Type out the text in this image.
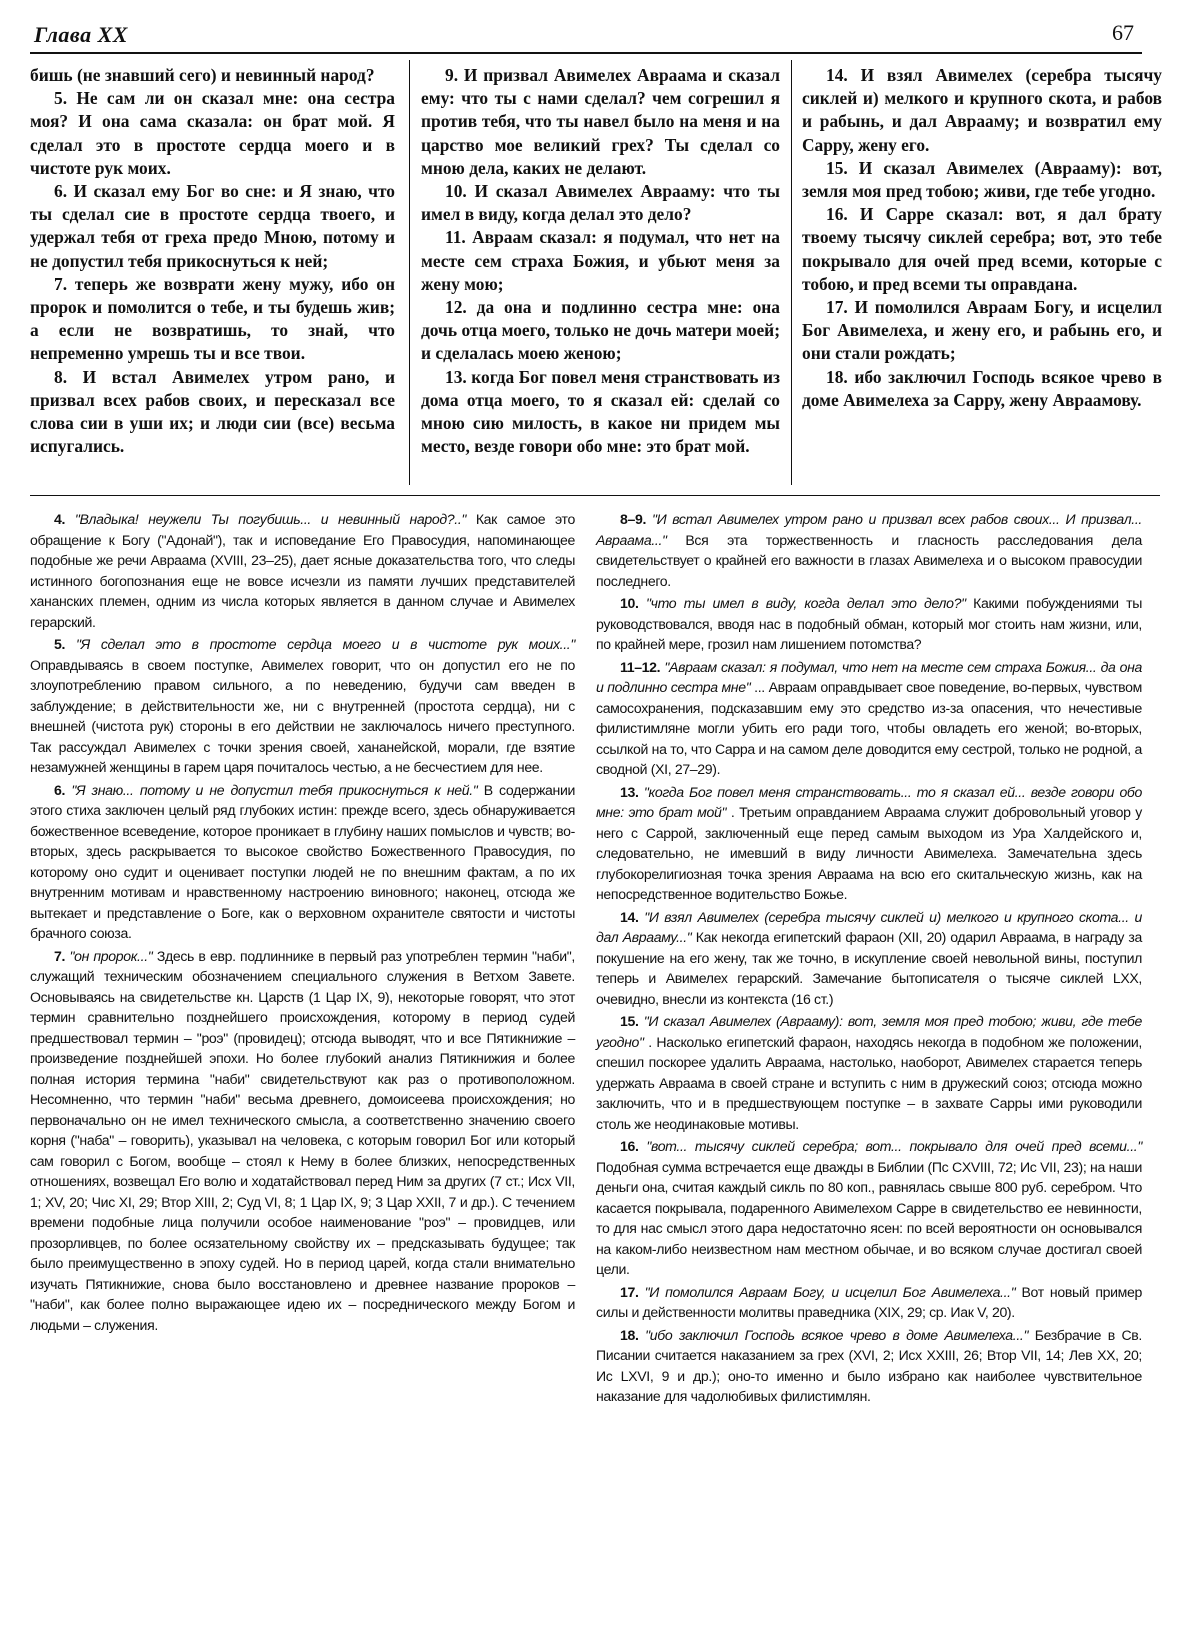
Глава XX	67

бишь (не знавший сего) и невинный народ?

5. Не сам ли он сказал мне: она сестра моя? И она сама сказала: он брат мой. Я сделал это в простоте сердца моего и в чистоте рук моих.

6. И сказал ему Бог во сне: и Я знаю, что ты сделал сие в простоте сердца твоего, и удержал тебя от греха предо Мною, потому и не допустил тебя прикоснуться к ней;

7. теперь же возврати жену мужу, ибо он пророк и помолится о тебе, и ты будешь жив; а если не возвратишь, то знай, что непременно умрешь ты и все твои.

8. И встал Авимелех утром рано, и призвал всех рабов своих, и пересказал все слова сии в уши их; и люди сии (все) весьма испугались.

9. И призвал Авимелех Авраама и сказал ему: что ты с нами сделал? чем согрешил я против тебя, что ты навел было на меня и на царство мое великий грех? Ты сделал со мною дела, каких не делают.

10. И сказал Авимелех Аврааму: что ты имел в виду, когда делал это дело?

11. Авраам сказал: я подумал, что нет на месте сем страха Божия, и убьют меня за жену мою;

12. да она и подлинно сестра мне: она дочь отца моего, только не дочь матери моей; и сделалась моею женою;

13. когда Бог повел меня странствовать из дома отца моего, то я сказал ей: сделай со мною сию милость, в какое ни придем мы место, везде говори обо мне: это брат мой.

14. И взял Авимелех (серебра тысячу сиклей и) мелкого и крупного скота, и рабов и рабынь, и дал Аврааму; и возвратил ему Сарру, жену его.

15. И сказал Авимелех (Аврааму): вот, земля моя пред тобою; живи, где тебе угодно.

16. И Сарре сказал: вот, я дал брату твоему тысячу сиклей серебра; вот, это тебе покрывало для очей пред всеми, которые с тобою, и пред всеми ты оправдана.

17. И помолился Авраам Богу, и исцелил Бог Авимелеха, и жену его, и рабынь его, и они стали рождать;

18. ибо заключил Господь всякое чрево в доме Авимелеха за Сарру, жену Авраамову.

4. "Владыка! неужели Ты погубишь... и невинный народ?.." Как самое это обращение к Богу ("Адонай"), так и исповедание Его Правосудия, напоминающее подобные же речи Авраама (XVIII, 23–25), дает ясные доказательства того, что следы истинного богопознания еще не вовсе исчезли из памяти лучших представителей хананских племен, одним из числа которых является в данном случае и Авимелех герарский.

5. "Я сделал это в простоте сердца моего и в чистоте рук моих..." Оправдываясь в своем поступке, Авимелех говорит, что он допустил его не по злоупотреблению правом сильного, а по неведению, будучи сам введен в заблуждение; в действительности же, ни с внутренней (простота сердца), ни с внешней (чистота рук) стороны в его действии не заключалось ничего преступного. Так рассуждал Авимелех с точки зрения своей, хананейской, морали, где взятие незамужней женщины в гарем царя почиталось честью, а не бесчестием для нее.

6. "Я знаю... потому и не допустил тебя прикоснуться к ней." В содержании этого стиха заключен целый ряд глубоких истин: прежде всего, здесь обнаруживается божественное всеведение, которое проникает в глубину наших помыслов и чувств; во-вторых, здесь раскрывается то высокое свойство Божественного Правосудия, по которому оно судит и оценивает поступки людей не по внешним фактам, а по их внутренним мотивам и нравственному настроению виновного; наконец, отсюда же вытекает и представление о Боге, как о верховном охранителе святости и чистоты брачного союза.

7. "он пророк..." Здесь в евр. подлиннике в первый раз употреблен термин "наби", служащий техническим обозначением специального служения в Ветхом Завете. Основываясь на свидетельстве кн. Царств (1 Цар IX, 9), некоторые говорят, что этот термин сравнительно позднейшего происхождения, которому в период судей предшествовал термин – "роэ" (провидец); отсюда выводят, что и все Пятикнижие – произведение позднейшей эпохи. Но более глубокий анализ Пятикнижия и более полная история термина "наби" свидетельствуют как раз о противоположном. Несомненно, что термин "наби" весьма древнего, домоисеева происхождения; но первоначально он не имел технического смысла, а соответственно значению своего корня ("наба" – говорить), указывал на человека, с которым говорил Бог или который сам говорил с Богом, вообще – стоял к Нему в более близких, непосредственных отношениях, возвещал Его волю и ходатайствовал перед Ним за других (7 ст.; Исх VII, 1; XV, 20; Чис XI, 29; Втор XIII, 2; Суд VI, 8; 1 Цар IX, 9; 3 Цар XXII, 7 и др.). С течением времени подобные лица получили особое наименование "роэ" – провидцев, или прозорливцев, по более осязательному свойству их – предсказывать будущее; так было преимущественно в эпоху судей. Но в период царей, когда стали внимательно изучать Пятикнижие, снова было восстановлено и древнее название пророков – "наби", как более полно выражающее идею их – посреднического между Богом и людьми – служения.

8–9. "И встал Авимелех утром рано и призвал всех рабов своих... И призвал... Авраама..." Вся эта торжественность и гласность расследования дела свидетельствует о крайней его важности в глазах Авимелеха и о высоком правосудии последнего.

10. "что ты имел в виду, когда делал это дело?" Какими побуждениями ты руководствовался, вводя нас в подобный обман, который мог стоить нам жизни, или, по крайней мере, грозил нам лишением потомства?

11–12. "Авраам сказал: я подумал, что нет на месте сем страха Божия... да она и подлинно сестра мне" ... Авраам оправдывает свое поведение, во-первых, чувством самосохранения, подсказавшим ему это средство из-за опасения, что нечестивые филистимляне могли убить его ради того, чтобы овладеть его женой; во-вторых, ссылкой на то, что Сарра и на самом деле доводится ему сестрой, только не родной, а сводной (XI, 27–29).

13. "когда Бог повел меня странствовать... то я сказал ей... везде говори обо мне: это брат мой" . Третьим оправданием Авраама служит добровольный уговор у него с Саррой, заключенный еще перед самым выходом из Ура Халдейского и, следовательно, не имевший в виду личности Авимелеха. Замечательна здесь глубокорелигиозная точка зрения Авраама на всю его скитальческую жизнь, как на непосредственное водительство Божье.

14. "И взял Авимелех (серебра тысячу сиклей и) мелкого и крупного скота... и дал Аврааму..." Как некогда египетский фараон (XII, 20) одарил Авраама, в награду за покушение на его жену, так же точно, в искупление своей невольной вины, поступил теперь и Авимелех герарский. Замечание бытописателя о тысяче сиклей LXX, очевидно, внесли из контекста (16 ст.)

15. "И сказал Авимелех (Аврааму): вот, земля моя пред тобою; живи, где тебе угодно" . Насколько египетский фараон, находясь некогда в подобном же положении, спешил поскорее удалить Авраама, настолько, наоборот, Авимелех старается теперь удержать Авраама в своей стране и вступить с ним в дружеский союз; отсюда можно заключить, что и в предшествующем поступке – в захвате Сарры ими руководили столь же неодинаковые мотивы.

16. "вот... тысячу сиклей серебра; вот... покрывало для очей пред всеми..." Подобная сумма встречается еще дважды в Библии (Пс CXVIII, 72; Ис VII, 23); на наши деньги она, считая каждый сикль по 80 коп., равнялась свыше 800 руб. серебром. Что касается покрывала, подаренного Авимелехом Сарре в свидетельство ее невинности, то для нас смысл этого дара недостаточно ясен: по всей вероятности он основывался на каком-либо неизвестном нам местном обычае, и во всяком случае достигал своей цели.

17. "И помолился Авраам Богу, и исцелил Бог Авимелеха..." Вот новый пример силы и действенности молитвы праведника (XIX, 29; ср. Иак V, 20).

18. "ибо заключил Господь всякое чрево в доме Авимелеха..." Безбрачие в Св. Писании считается наказанием за грех (XVI, 2; Исх XXIII, 26; Втор VII, 14; Лев XX, 20; Ис LXVI, 9 и др.); оно-то именно и было избрано как наиболее чувствительное наказание для чадолюбивых филистимлян.
